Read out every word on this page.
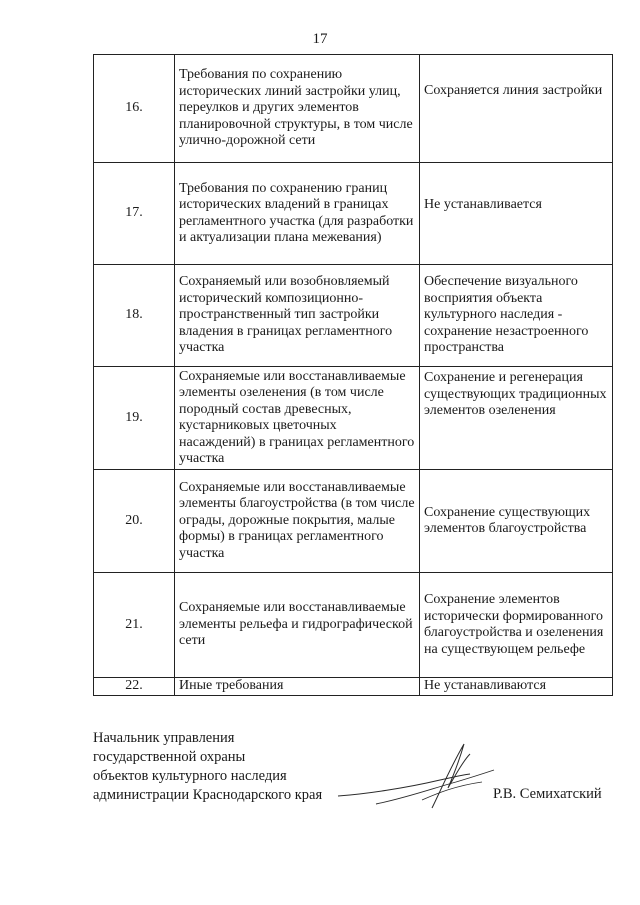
17
16.	Требования по сохранению исторических линий застройки улиц, переулков и других элементов планировочной структуры, в том числе улично-дорожной сети	Сохраняется линия застройки
17.	Требования по сохранению границ исторических владений в границах регламентного участка (для разработки и актуализации плана межевания)	Не устанавливается
18.	Сохраняемый или возобновляемый исторический композиционно-пространственный тип застройки владения в границах регламентного участка	Обеспечение визуального восприятия объекта культурного наследия - сохранение незастроенного пространства
19.	Сохраняемые или восстанавливаемые элементы озеленения (в том числе породный состав древесных, кустарниковых цветочных насаждений) в границах регламентного участка	Сохранение и регенерация существующих традиционных элементов озеленения
20.	Сохраняемые или восстанавливаемые элементы благоустройства (в том числе ограды, дорожные покрытия, малые формы) в границах регламентного участка	Сохранение существующих элементов благоустройства
21.	Сохраняемые или восстанавливаемые элементы рельефа и гидрографической сети	Сохранение элементов исторически формированного благоустройства и озеленения на существующем рельефе
22.	Иные требования	Не устанавливаются
Начальник управления
государственной охраны
объектов культурного наследия
администрации Краснодарского края	Р.В. Семихатский
